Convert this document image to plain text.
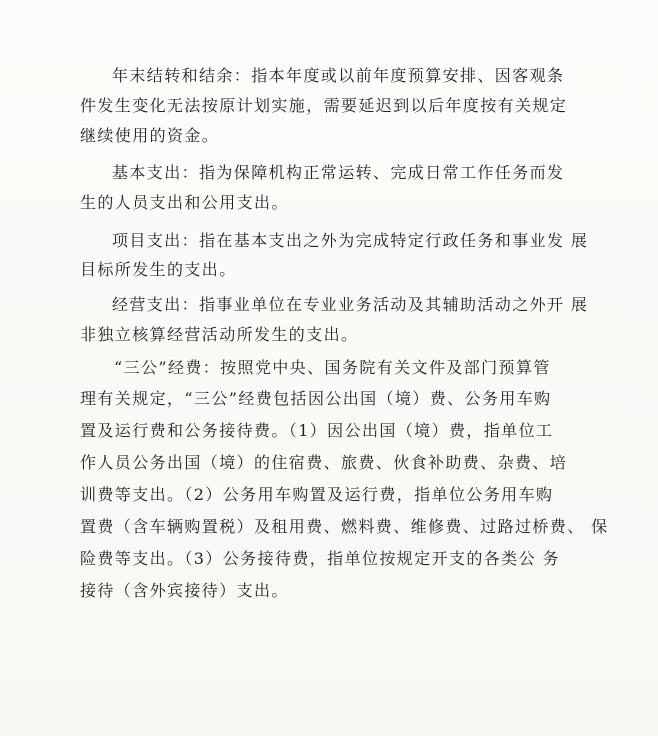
年末结转和结余：指本年度或以前年度预算安排、因客观条
件发生变化无法按原计划实施，需要延迟到以后年度按有关规定
继续使用的资金。
基本支出：指为保障机构正常运转、完成日常工作任务而发
生的人员支出和公用支出。
项目支出：指在基本支出之外为完成特定行政任务和事业发 展
目标所发生的支出。
经营支出：指事业单位在专业业务活动及其辅助活动之外开 展
非独立核算经营活动所发生的支出。
“三公”经费：按照党中央、国务院有关文件及部门预算管
理有关规定，“三公”经费包括因公出国（境）费、公务用车购
置及运行费和公务接待费。（1）因公出国（境）费，指单位工
作人员公务出国（境）的住宿费、旅费、伙食补助费、杂费、培
训费等支出。（2）公务用车购置及运行费，指单位公务用车购
置费（含车辆购置税）及租用费、燃料费、维修费、过路过桥费、 保
险费等支出。（3）公务接待费，指单位按规定开支的各类公 务
接待（含外宾接待）支出。
